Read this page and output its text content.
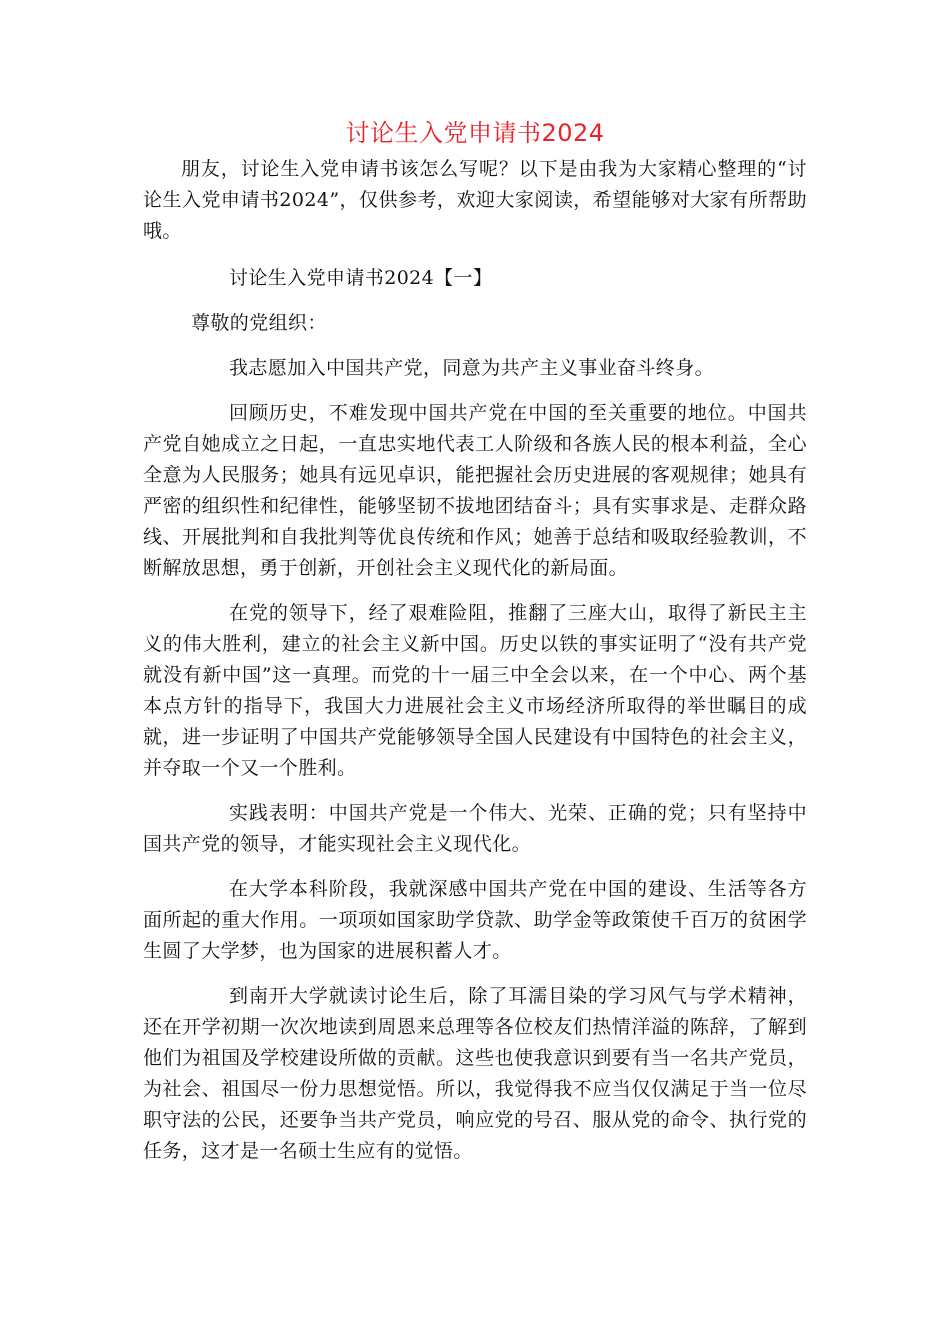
讨论生入党申请书2024

朋友，讨论生入党申请书该怎么写呢？以下是由我为大家精心整理的“讨论生入党申请书2024”，仅供参考，欢迎大家阅读，希望能够对大家有所帮助哦。

讨论生入党申请书2024【一】
尊敬的党组织：

我志愿加入中国共产党，同意为共产主义事业奋斗终身。

回顾历史，不难发现中国共产党在中国的至关重要的地位。中国共产党自她成立之日起，一直忠实地代表工人阶级和各族人民的根本利益，全心全意为人民服务；她具有远见卓识，能把握社会历史进展的客观规律；她具有严密的组织性和纪律性，能够坚韧不拔地团结奋斗；具有实事求是、走群众路线、开展批判和自我批判等优良传统和作风；她善于总结和吸取经验教训，不断解放思想，勇于创新，开创社会主义现代化的新局面。

在党的领导下，经了艰难险阻，推翻了三座大山，取得了新民主主义的伟大胜利，建立的社会主义新中国。历史以铁的事实证明了“没有共产党就没有新中国”这一真理。而党的十一届三中全会以来，在一个中心、两个基本点方针的指导下，我国大力进展社会主义市场经济所取得的举世瞩目的成就，进一步证明了中国共产党能够领导全国人民建设有中国特色的社会主义，并夺取一个又一个胜利。

实践表明：中国共产党是一个伟大、光荣、正确的党；只有坚持中国共产党的领导，才能实现社会主义现代化。

在大学本科阶段，我就深感中国共产党在中国的建设、生活等各方面所起的重大作用。一项项如国家助学贷款、助学金等政策使千百万的贫困学生圆了大学梦，也为国家的进展积蓄人才。

到南开大学就读讨论生后，除了耳濡目染的学习风气与学术精神，还在开学初期一次次地读到周恩来总理等各位校友们热情洋溢的陈辞，了解到他们为祖国及学校建设所做的贡献。这些也使我意识到要有当一名共产党员，为社会、祖国尽一份力思想觉悟。所以，我觉得我不应当仅仅满足于当一位尽职守法的公民，还要争当共产党员，响应党的号召、服从党的命令、执行党的任务，这才是一名硕士生应有的觉悟。
